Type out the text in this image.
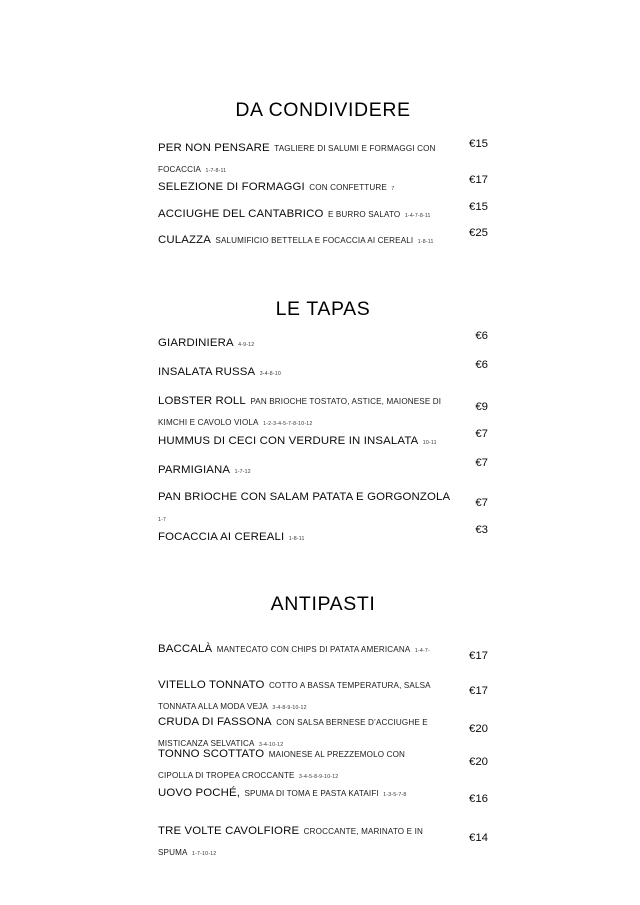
DA CONDIVIDERE
PER NON PENSARE TAGLIERE DI SALUMI E FORMAGGI CON FOCACCIA 1-7-8-11
€15
SELEZIONE DI FORMAGGI CON CONFETTURE 7
€17
ACCIUGHE DEL CANTABRICO E BURRO SALATO 1-4-7-8-11
€15
CULAZZA SALUMIFICIO BETTELLA E FOCACCIA AI CEREALI 1-8-11
€25
LE TAPAS
GIARDINIERA 4-9-12
€6
INSALATA RUSSA 3-4-8-10
€6
LOBSTER ROLL PAN BRIOCHE TOSTATO, ASTICE, MAIONESE DI KIMCHI E CAVOLO VIOLA 1-2-3-4-5-7-8-10-12
€9
HUMMUS DI CECI CON VERDURE IN INSALATA 10-11
€7
PARMIGIANA 1-7-12
€7
PAN BRIOCHE CON SALAM PATATA E GORGONZOLA 1-7
€7
FOCACCIA AI CEREALI 1-8-11
€3
ANTIPASTI
BACCALÀ MANTECATO CON CHIPS DI PATATA AMERICANA 1-4-7-	€17
VITELLO TONNATO COTTO A BASSA TEMPERATURA, SALSA TONNATA ALLA MODA VEJA 3-4-8-9-10-12
€17
CRUDA DI FASSONA CON SALSA BERNESE D’ACCIUGHE E MISTICANZA SELVATICA 3-4-10-12
€20
TONNO SCOTTATO MAIONESE AL PREZZEMOLO CON CIPOLLA DI TROPEA CROCCANTE 3-4-5-8-9-10-12
€20
UOVO POCHÉ, SPUMA DI TOMA E PASTA KATAIFI 1-3-5-7-8	€16
TRE VOLTE CAVOLFIORE CROCCANTE, MARINATO E IN SPUMA 1-7-10-12
€14
